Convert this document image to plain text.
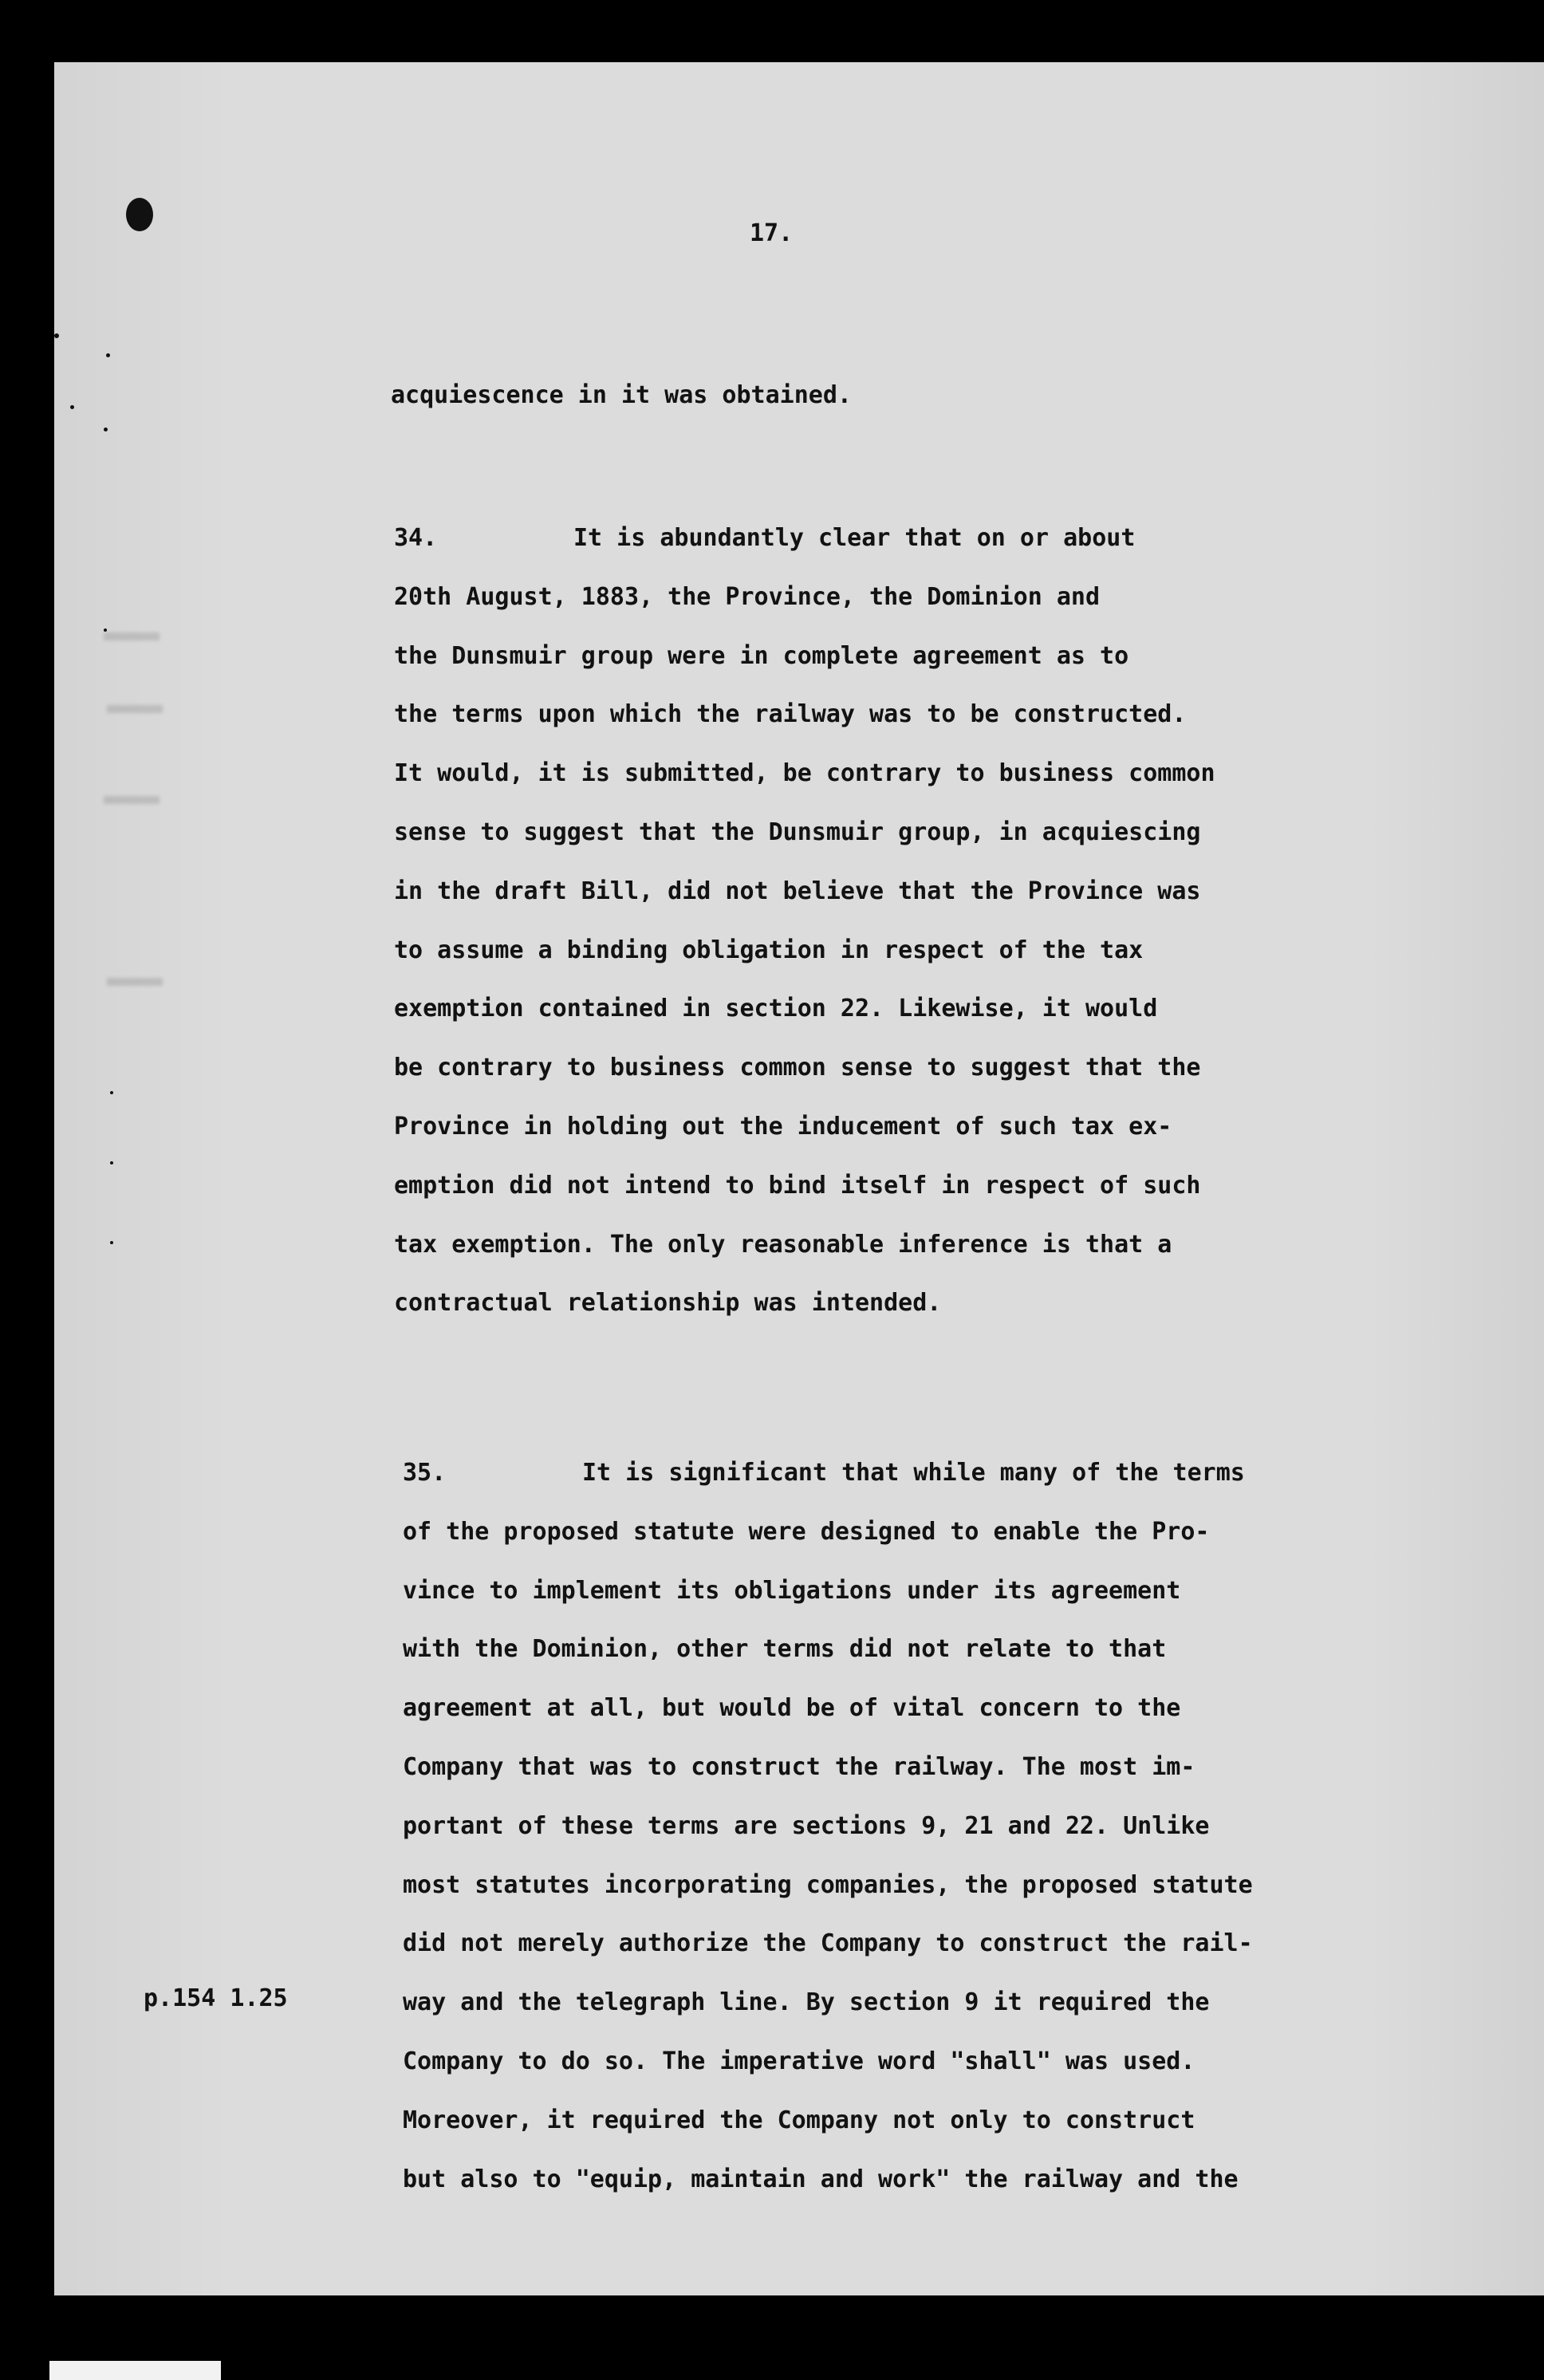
17.

acquiescence in it was obtained.

34.	It is abundantly clear that on or about
20th August, 1883, the Province, the Dominion and
the Dunsmuir group were in complete agreement as to
the terms upon which the railway was to be constructed.
It would, it is submitted, be contrary to business common
sense to suggest that the Dunsmuir group, in acquiescing
in the draft Bill, did not believe that the Province was
to assume a binding obligation in respect of the tax
exemption contained in section 22. Likewise, it would
be contrary to business common sense to suggest that the
Province in holding out the inducement of such tax ex-
emption did not intend to bind itself in respect of such
tax exemption. The only reasonable inference is that a
contractual relationship was intended.
35.	It is significant that while many of the terms
of the proposed statute were designed to enable the Pro-
vince to implement its obligations under its agreement
with the Dominion, other terms did not relate to that
agreement at all, but would be of vital concern to the
Company that was to construct the railway. The most im-
portant of these terms are sections 9, 21 and 22. Unlike
most statutes incorporating companies, the proposed statute
did not merely authorize the Company to construct the rail-
way and the telegraph line. By section 9 it required the
Company to do so. The imperative word "shall" was used.
Moreover, it required the Company not only to construct
but also to "equip, maintain and work" the railway and the

p.154 1.25
